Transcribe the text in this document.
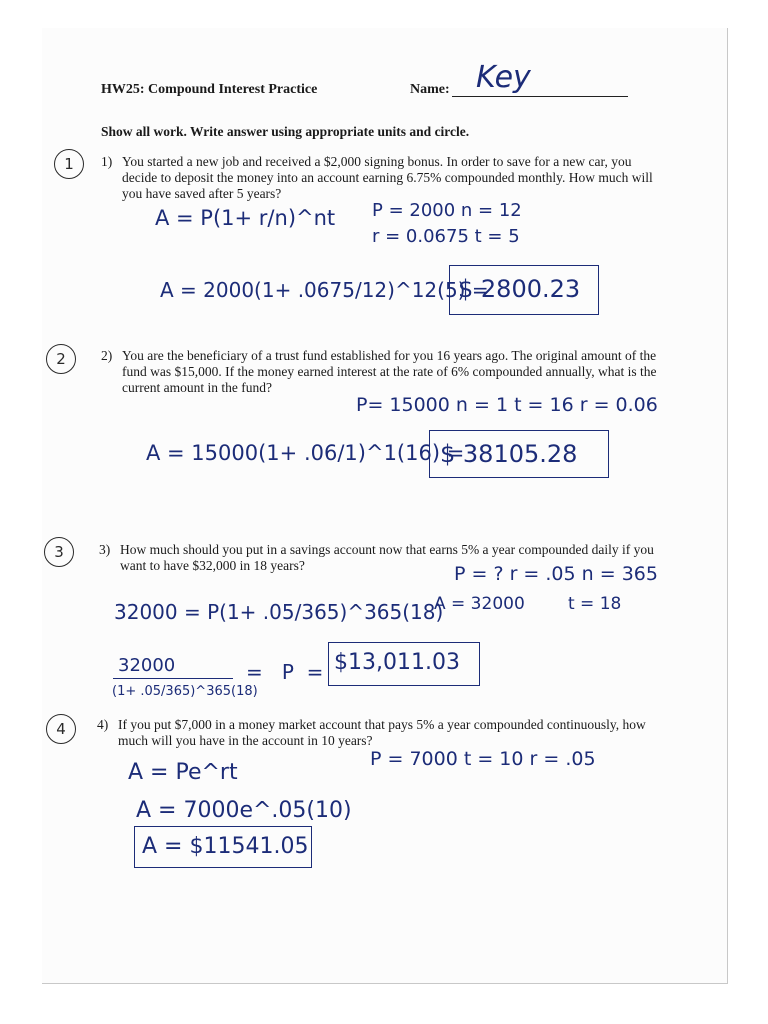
HW25: Compound Interest Practice	Name: Key
Show all work. Write answer using appropriate units and circle.
1	1) You started a new job and received a $2,000 signing bonus. In order to save for a new car, you
decide to deposit the money into an account earning 6.75% compounded monthly. How much will
you have saved after 5 years?
A = P(1+ r/n)^nt P = 2000 n = 12
r = 0.0675 t = 5
A = 2000(1+ .0675/12)^12(5) =
$ 2800.23
2	2) You are the beneficiary of a trust fund established for you 16 years ago. The original amount of the
fund was $15,000. If the money earned interest at the rate of 6% compounded annually, what is the
current amount in the fund?
P= 15000 n = 1 t = 16 r = 0.06
A = 15000(1+ .06/1)^1(16) =
$ 38105.28
3	3) How much should you put in a savings account now that earns 5% a year compounded daily if you
want to have $32,000 in 18 years?	P = ? r = .05 n = 365
A = 32000        t = 18
32000 = P(1+ .05/365)^365(18)
32000
(1+ .05/365)^365(18)
=   P  = $13,011.03
4	4) If you put $7,000 in a money market account that pays 5% a year compounded continuously, how
much will you have in the account in 10 years?
A = Pe^rt
P = 7000 t = 10 r = .05
A = 7000e^.05(10)
A = $11541.05
